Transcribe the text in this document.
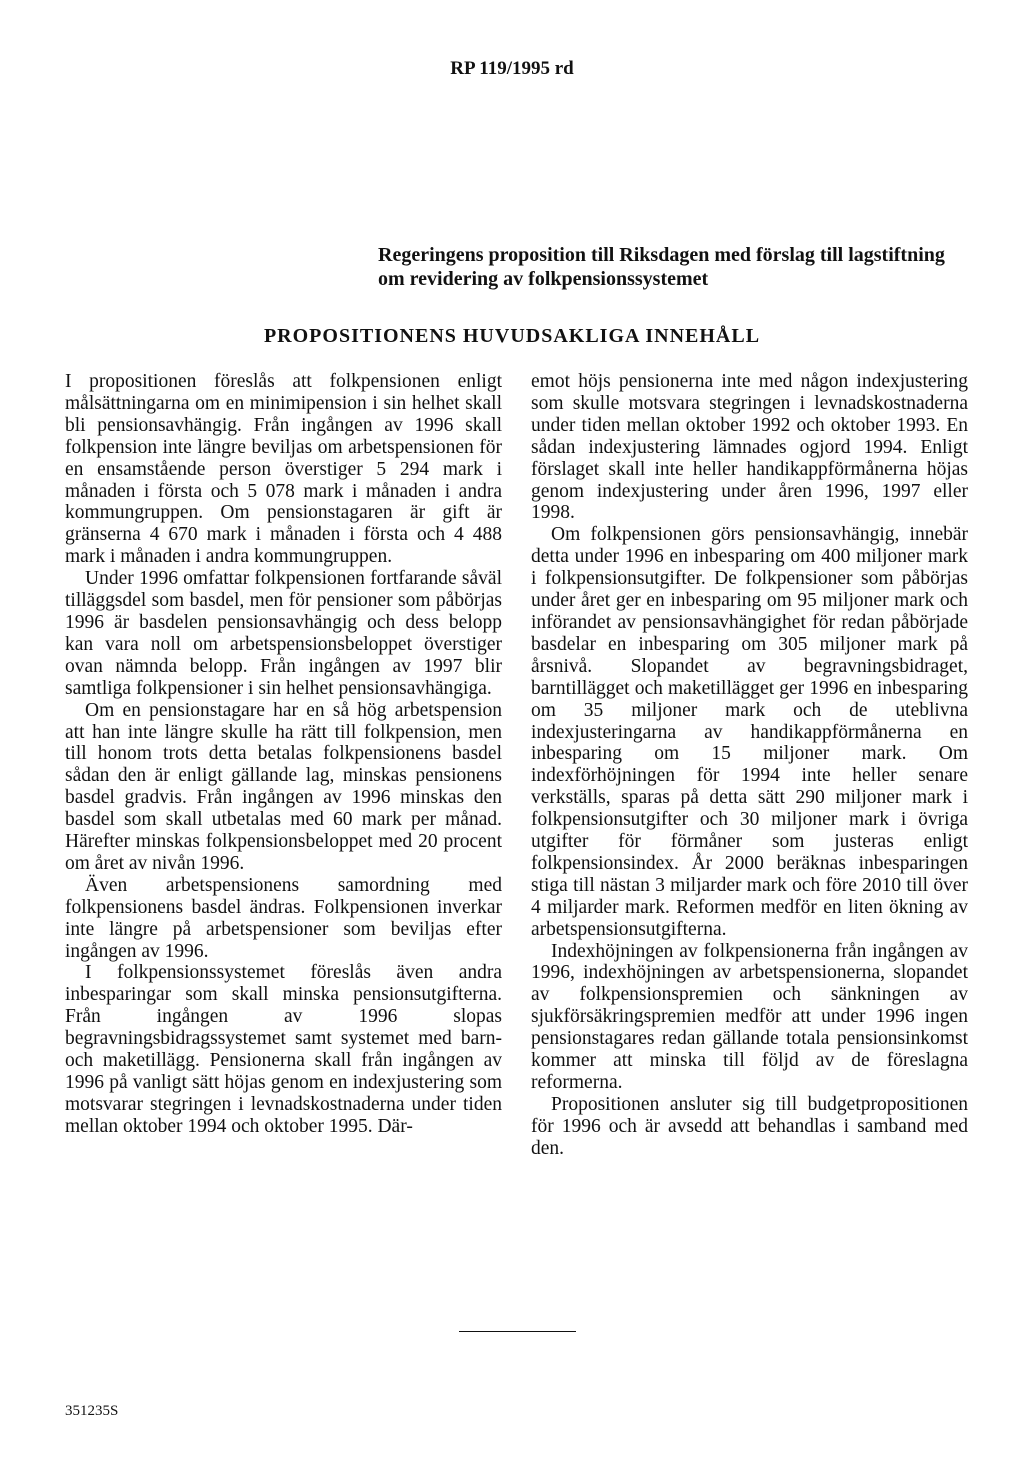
RP 119/1995 rd
Regeringens proposition till Riksdagen med förslag till lagstiftning om revidering av folkpensionssystemet
PROPOSITIONENS HUVUDSAKLIGA INNEHÅLL

I propositionen föreslås att folkpensionen enligt målsättningarna om en minimipension i sin helhet skall bli pensionsavhängig. Från ingången av 1996 skall folkpension inte längre beviljas om arbetspensionen för en ensamstående person överstiger 5 294 mark i månaden i första och 5 078 mark i månaden i andra kommungruppen. Om pensionstagaren är gift är gränserna 4 670 mark i månaden i första och 4 488 mark i månaden i andra kommungruppen.

Under 1996 omfattar folkpensionen fortfarande såväl tilläggsdel som basdel, men för pensioner som påbörjas 1996 är basdelen pensionsavhängig och dess belopp kan vara noll om arbetspensionsbeloppet överstiger ovan nämnda belopp. Från ingången av 1997 blir samtliga folkpensioner i sin helhet pensionsavhängiga.

Om en pensionstagare har en så hög arbetspension att han inte längre skulle ha rätt till folkpension, men till honom trots detta betalas folkpensionens basdel sådan den är enligt gällande lag, minskas pensionens basdel gradvis. Från ingången av 1996 minskas den basdel som skall utbetalas med 60 mark per månad. Härefter minskas folkpensionsbeloppet med 20 procent om året av nivån 1996.

Även arbetspensionens samordning med folkpensionens basdel ändras. Folkpensionen inverkar inte längre på arbetspensioner som beviljas efter ingången av 1996.

I folkpensionssystemet föreslås även andra inbesparingar som skall minska pensionsutgifterna. Från ingången av 1996 slopas begravningsbidragssystemet samt systemet med barn- och maketillägg. Pensionerna skall från ingången av 1996 på vanligt sätt höjas genom en indexjustering som motsvarar stegringen i levnadskostnaderna under tiden mellan oktober 1994 och oktober 1995. Där-

emot höjs pensionerna inte med någon indexjustering som skulle motsvara stegringen i levnadskostnaderna under tiden mellan oktober 1992 och oktober 1993. En sådan indexjustering lämnades ogjord 1994. Enligt förslaget skall inte heller handikappförmånerna höjas genom indexjustering under åren 1996, 1997 eller 1998.

Om folkpensionen görs pensionsavhängig, innebär detta under 1996 en inbesparing om 400 miljoner mark i folkpensionsutgifter. De folkpensioner som påbörjas under året ger en inbesparing om 95 miljoner mark och införandet av pensionsavhängighet för redan påbörjade basdelar en inbesparing om 305 miljoner mark på årsnivå. Slopandet av begravningsbidraget, barntillägget och maketillägget ger 1996 en inbesparing om 35 miljoner mark och de uteblivna indexjusteringarna av handikappförmånerna en inbesparing om 15 miljoner mark. Om indexförhöjningen för 1994 inte heller senare verkställs, sparas på detta sätt 290 miljoner mark i folkpensionsutgifter och 30 miljoner mark i övriga utgifter för förmåner som justeras enligt folkpensionsindex. År 2000 beräknas inbesparingen stiga till nästan 3 miljarder mark och före 2010 till över 4 miljarder mark. Reformen medför en liten ökning av arbetspensionsutgifterna.

Indexhöjningen av folkpensionerna från ingången av 1996, indexhöjningen av arbetspensionerna, slopandet av folkpensionspremien och sänkningen av sjukförsäkringspremien medför att under 1996 ingen pensionstagares redan gällande totala pensionsinkomst kommer att minska till följd av de föreslagna reformerna.

Propositionen ansluter sig till budgetpropositionen för 1996 och är avsedd att behandlas i samband med den.

351235S
